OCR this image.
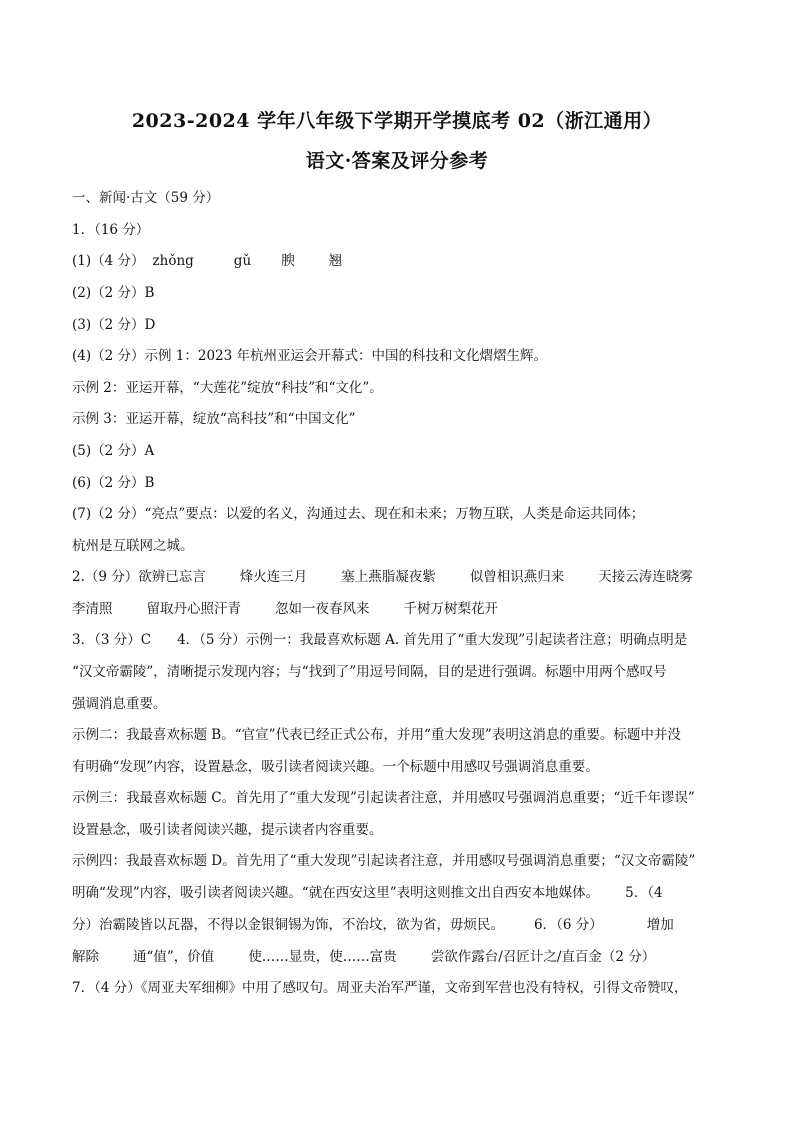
2023-2024 学年八年级下学期开学摸底考 02（浙江通用）
语文·答案及评分参考
一、新闻·古文（59 分）
1．（16 分）
(1)（4 分） zhǒng	gǔ 腴	翘
(2)（2 分）B
(3)（2 分）D
(4)（2 分）示例 1：2023 年杭州亚运会开幕式：中国的科技和文化熠熠生辉。
示例 2：亚运开幕，“大莲花”绽放“科技”和“文化”。
示例 3：亚运开幕，绽放“高科技”和“中国文化”
(5)（2 分）A
(6)（2 分）B
(7)（2 分）“亮点”要点：以爱的名义，沟通过去、现在和未来；万物互联，人类是命运共同体；
杭州是互联网之城。
2.（9 分）欲辨已忘言	烽火连三月	塞上燕脂凝夜紫	似曾相识燕归来	天接云涛连晓雾
李清照	留取丹心照汗青	忽如一夜春风来	千树万树梨花开
3．（3 分）C 4．（5 分）示例一：我最喜欢标题 A. 首先用了“重大发现”引起读者注意；明确点明是
“汉文帝霸陵”，清晰提示发现内容；与“找到了”用逗号间隔，目的是进行强调。标题中用两个感叹号
强调消息重要。
示例二：我最喜欢标题 B。“官宣”代表已经正式公布，并用“重大发现”表明这消息的重要。标题中并没
有明确“发现”内容，设置悬念，吸引读者阅读兴趣。一个标题中用感叹号强调消息重要。
示例三：我最喜欢标题 C。首先用了“重大发现”引起读者注意，并用感叹号强调消息重要；“近千年谬误”
设置悬念，吸引读者阅读兴趣，提示读者内容重要。
示例四：我最喜欢标题 D。首先用了“重大发现”引起读者注意，并用感叹号强调消息重要；“汉文帝霸陵”
明确“发现”内容，吸引读者阅读兴趣。“就在西安这里”表明这则推文出自西安本地媒体。 5．（4
分）治霸陵皆以瓦器，不得以金银铜锡为饰，不治坟，欲为省，毋烦民。 6．（6 分）	增加
解除	通“值”，价值	使……显贵，使……富贵	尝欲作露台/召匠计之/直百金（2 分）
7．（4 分）《周亚夫军细柳》中用了感叹句。周亚夫治军严谨，文帝到军营也没有特权，引得文帝赞叹，
